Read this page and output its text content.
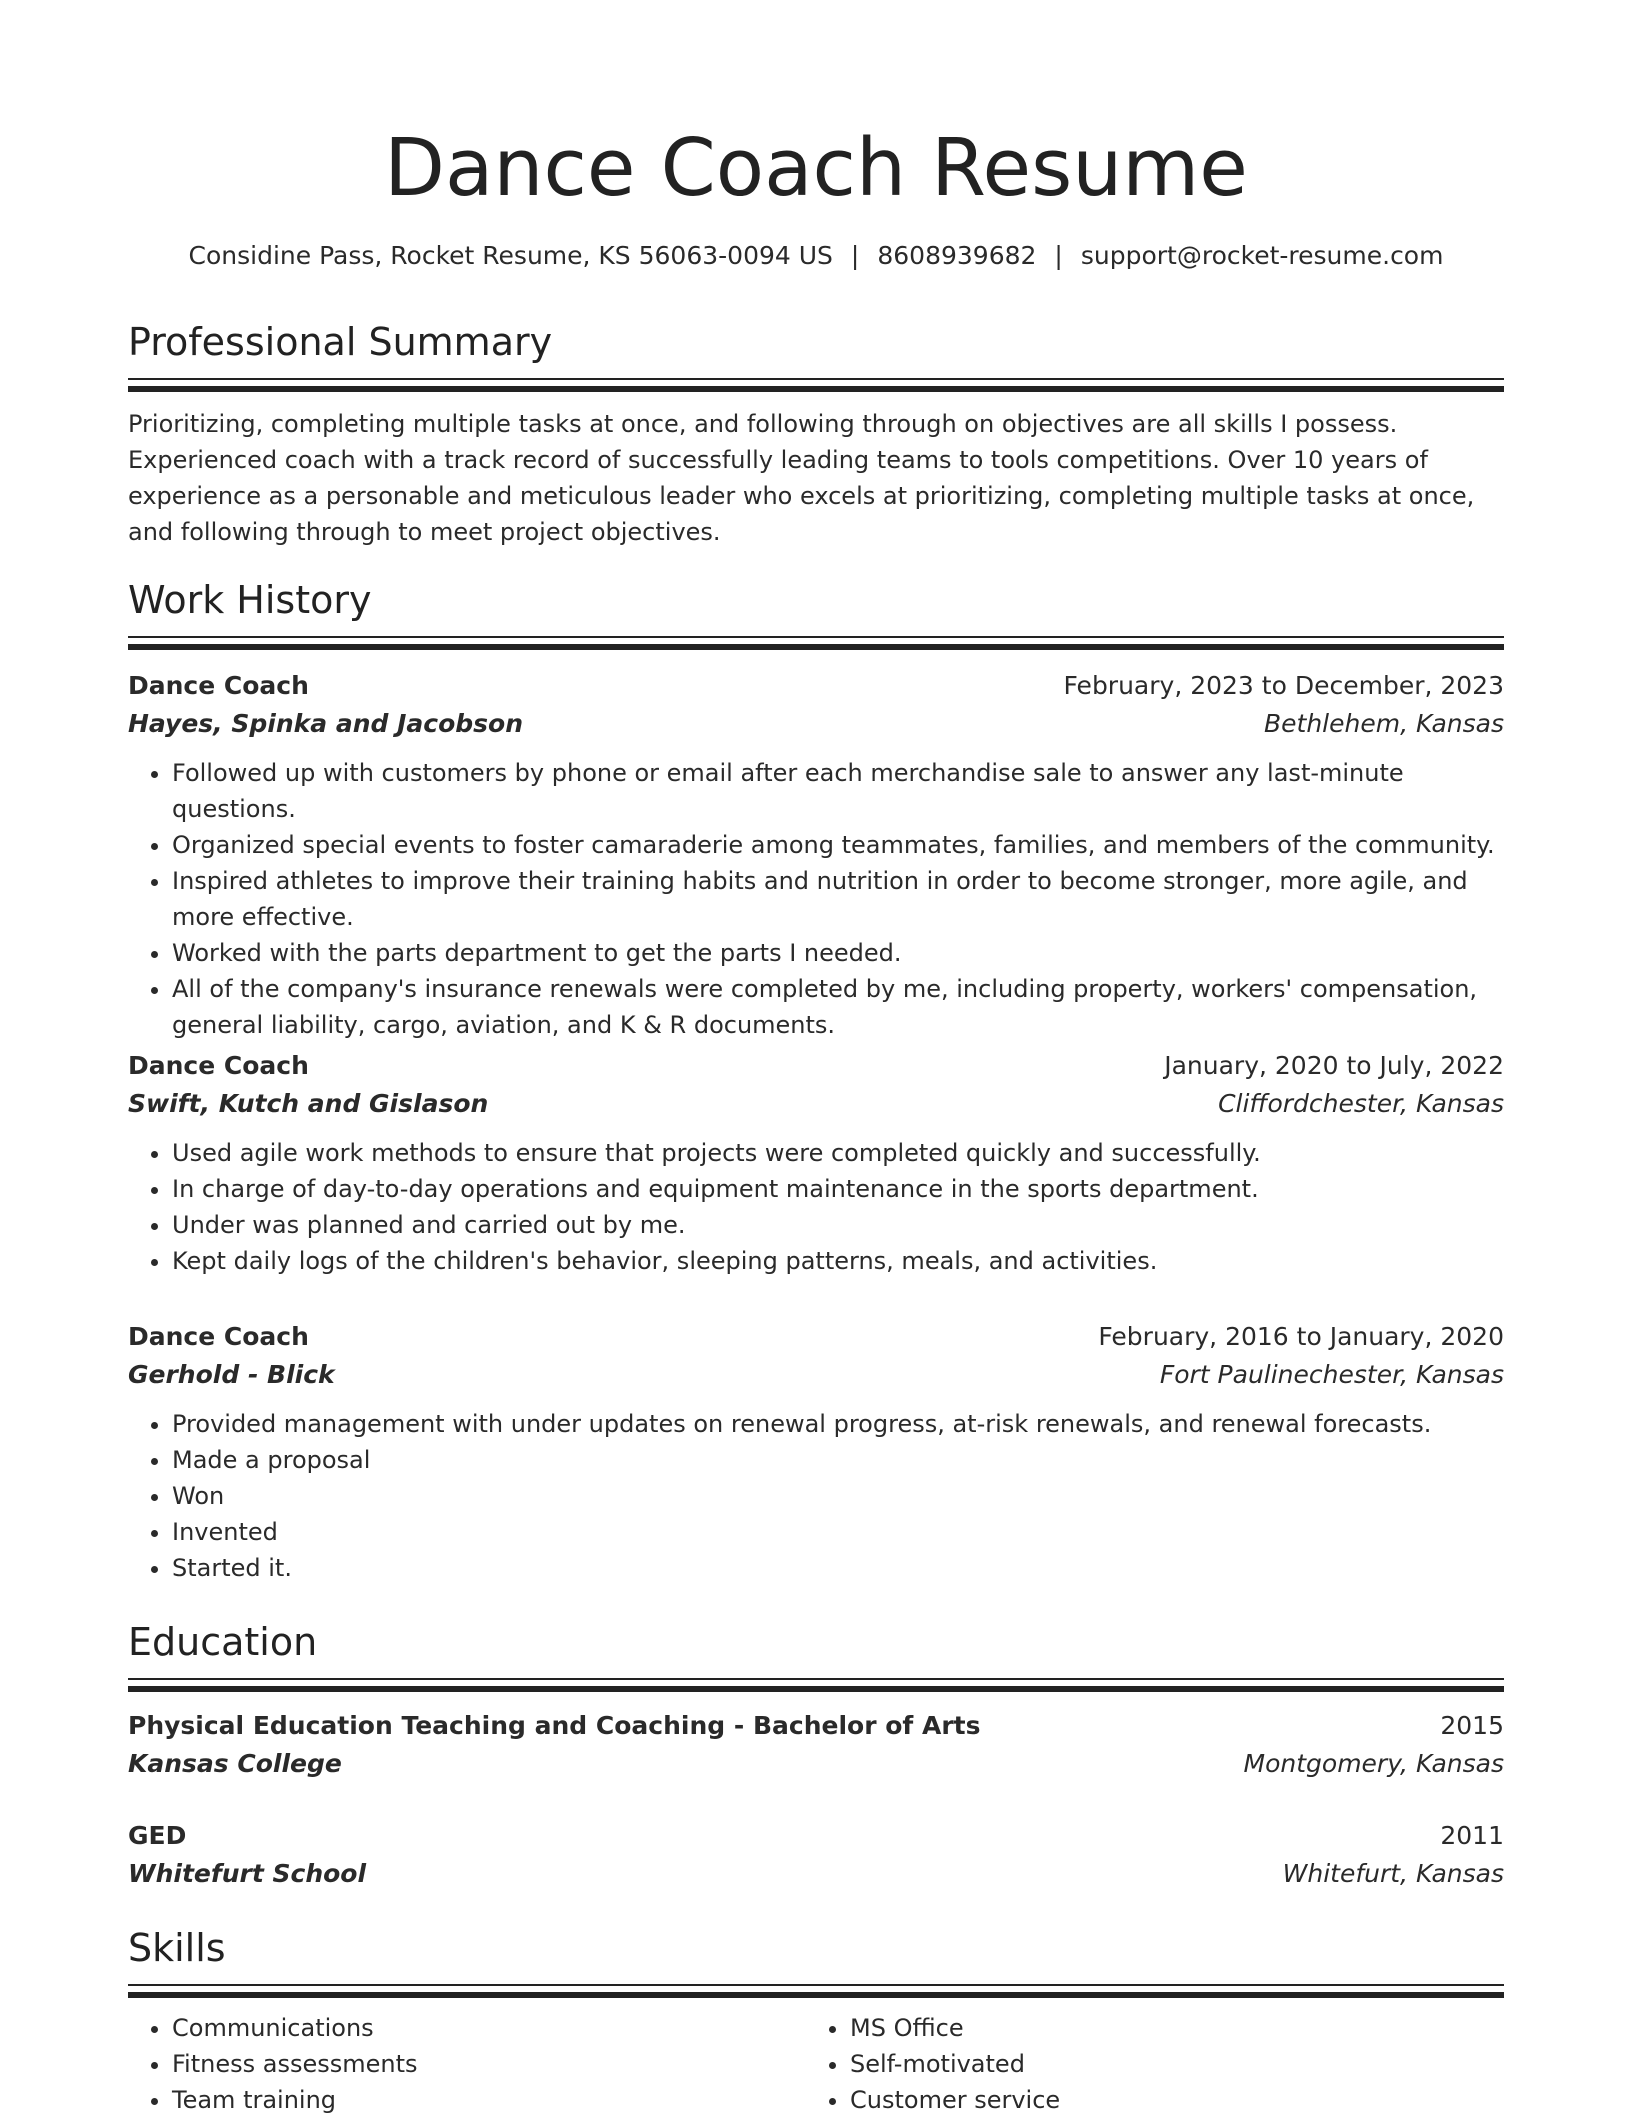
Dance Coach Resume
Considine Pass, Rocket Resume, KS 56063-0094 US | 8608939682 | support@rocket-resume.com
Professional Summary
Prioritizing, completing multiple tasks at once, and following through on objectives are all skills I possess. Experienced coach with a track record of successfully leading teams to tools competitions. Over 10 years of experience as a personable and meticulous leader who excels at prioritizing, completing multiple tasks at once, and following through to meet project objectives.
Work History
Dance Coach	February, 2023 to December, 2023
Hayes, Spinka and Jacobson	Bethlehem, Kansas
• Followed up with customers by phone or email after each merchandise sale to answer any last-minute questions.
• Organized special events to foster camaraderie among teammates, families, and members of the community.
• Inspired athletes to improve their training habits and nutrition in order to become stronger, more agile, and more effective.
• Worked with the parts department to get the parts I needed.
• All of the company's insurance renewals were completed by me, including property, workers' compensation, general liability, cargo, aviation, and K & R documents.
Dance Coach	January, 2020 to July, 2022
Swift, Kutch and Gislason	Cliffordchester, Kansas
• Used agile work methods to ensure that projects were completed quickly and successfully.
• In charge of day-to-day operations and equipment maintenance in the sports department.
• Under was planned and carried out by me.
• Kept daily logs of the children's behavior, sleeping patterns, meals, and activities.
Dance Coach	February, 2016 to January, 2020
Gerhold - Blick	Fort Paulinechester, Kansas
• Provided management with under updates on renewal progress, at-risk renewals, and renewal forecasts.
• Made a proposal
• Won
• Invented
• Started it.
Education
Physical Education Teaching and Coaching - Bachelor of Arts	2015
Kansas College	Montgomery, Kansas
GED	2011
Whitefurt School	Whitefurt, Kansas
Skills
• Communications
• Fitness assessments
• Team training
• MS Office
• Self-motivated
• Customer service
